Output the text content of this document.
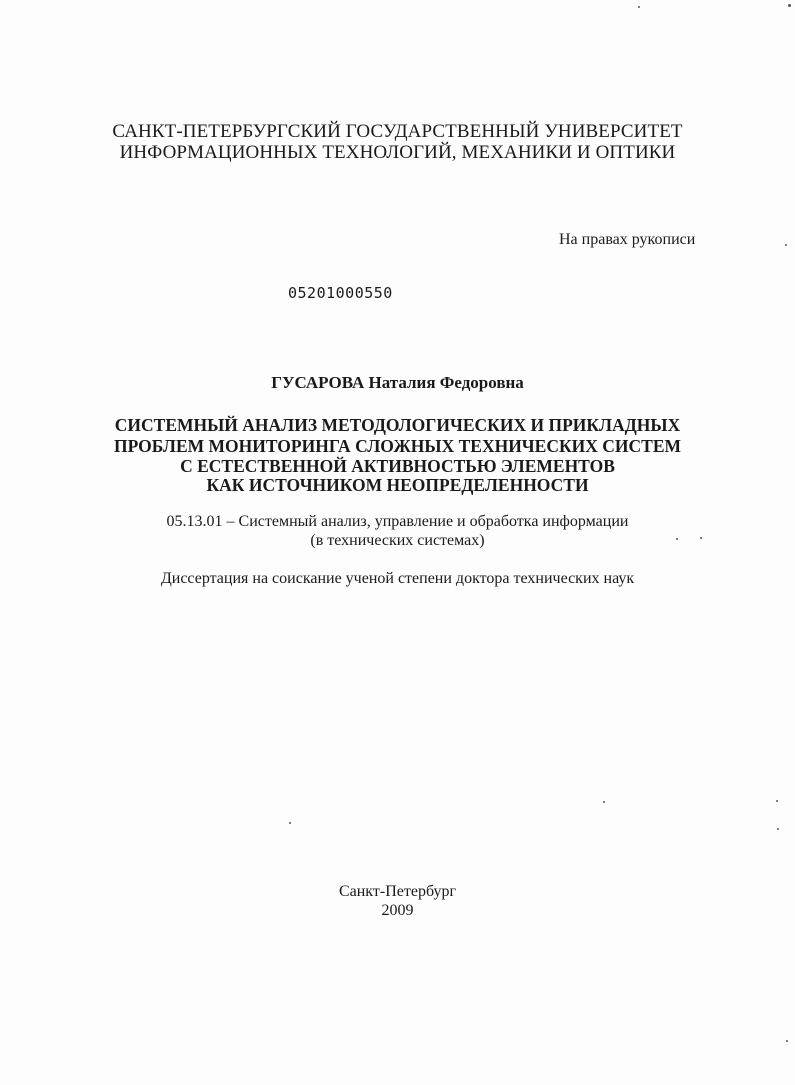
САНКТ-ПЕТЕРБУРГСКИЙ ГОСУДАРСТВЕННЫЙ УНИВЕРСИТЕТ
ИНФОРМАЦИОННЫХ ТЕХНОЛОГИЙ, МЕХАНИКИ И ОПТИКИ
На правах рукописи
05201000550
ГУСАРОВА Наталия Федоровна
СИСТЕМНЫЙ АНАЛИЗ МЕТОДОЛОГИЧЕСКИХ И ПРИКЛАДНЫХ
ПРОБЛЕМ МОНИТОРИНГА СЛОЖНЫХ ТЕХНИЧЕСКИХ СИСТЕМ
С ЕСТЕСТВЕННОЙ АКТИВНОСТЬЮ ЭЛЕМЕНТОВ
КАК ИСТОЧНИКОМ НЕОПРЕДЕЛЕННОСТИ
05.13.01 – Системный анализ, управление и обработка информации
(в технических системах)
Диссертация на соискание ученой степени доктора технических наук
Санкт-Петербург
2009
